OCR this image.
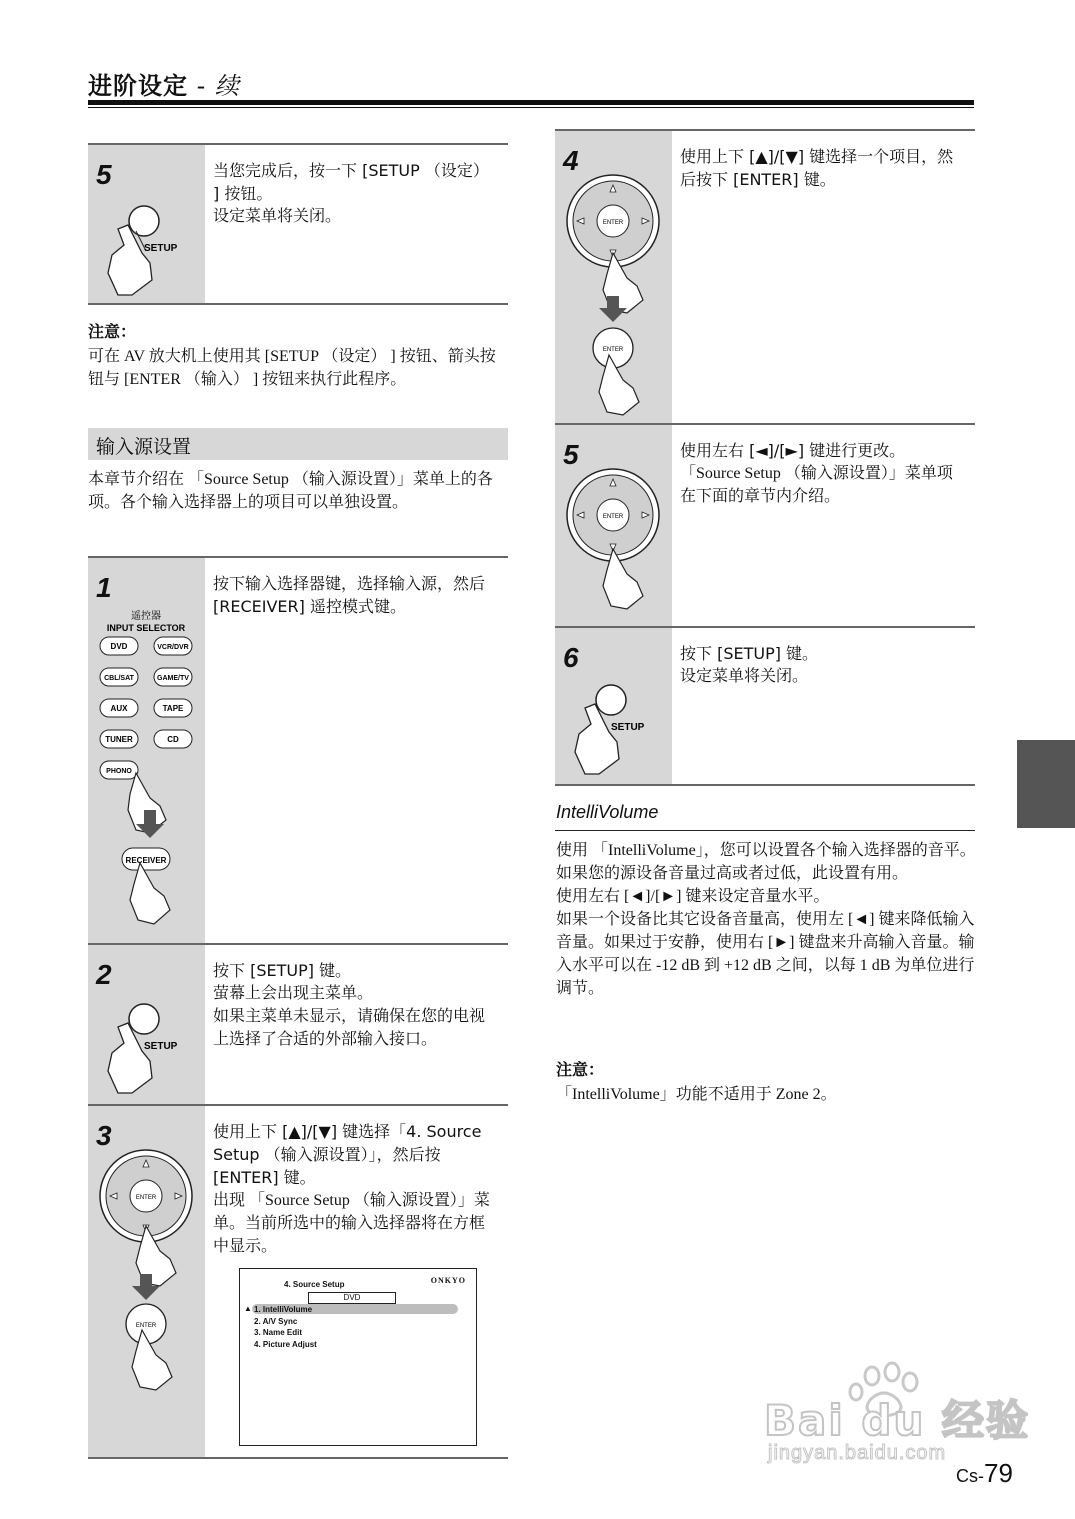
进阶设定 - 续
SETUP
5	当您完成后，按一下 [SETUP （设定） ] 按钮。
设定菜单将关闭。
注意：
可在 AV 放大机上使用其 [SETUP （设定） ] 按钮、箭头按钮与 [ENTER （输入） ] 按钮来执行此程序。
输入源设置
本章节介绍在 「Source Setup （输入源设置）」菜单上的各项。各个输入选择器上的项目可以单独设置。
遥控器
INPUT SELECTOR
DVD	VCR/DVR
CBL/SAT	GAME/TV
AUX	TAPE
TUNER	CD
PHONO
RECEIVER
1	按下输入选择器键，选择输入源，然后 [RECEIVER] 遥控模式键。
SETUP
2	按下 [SETUP] 键。
萤幕上会出现主菜单。
如果主菜单未显示，请确保在您的电视上选择了合适的外部输入接口。
ENTER
ENTER
3	使用上下 [▲]/[▼] 键选择「4. Source Setup （输入源设置）」，然后按 [ENTER] 键。
出现 「Source Setup （输入源设置）」菜单。当前所选中的输入选择器将在方框中显示。
4. Source Setup	ONKYO
DVD
▲ 1. IntelliVolume
2. A/V Sync
3. Name Edit
4. Picture Adjust
ENTER
ENTER
4	使用上下 [▲]/[▼] 键选择一个项目，然后按下 [ENTER] 键。
ENTER
5	使用左右 [◄]/[►] 键进行更改。
「Source Setup （输入源设置）」菜单项在下面的章节内介绍。
SETUP
6	按下 [SETUP] 键。
设定菜单将关闭。
IntelliVolume
使用 「IntelliVolume」，您可以设置各个输入选择器的音平。如果您的源设备音量过高或者过低，此设置有用。
使用左右 [◄]/[►] 键来设定音量水平。
如果一个设备比其它设备音量高，使用左 [◄] 键来降低输入音量。如果过于安静，使用右 [►] 键盘来升高输入音量。输入水平可以在 -12 dB 到 +12 dB 之间，以每 1 dB 为单位进行调节。
注意：
「IntelliVolume」功能不适用于 Zone 2。
Bai du 经验
jingyan.baidu.com
Cs-79
